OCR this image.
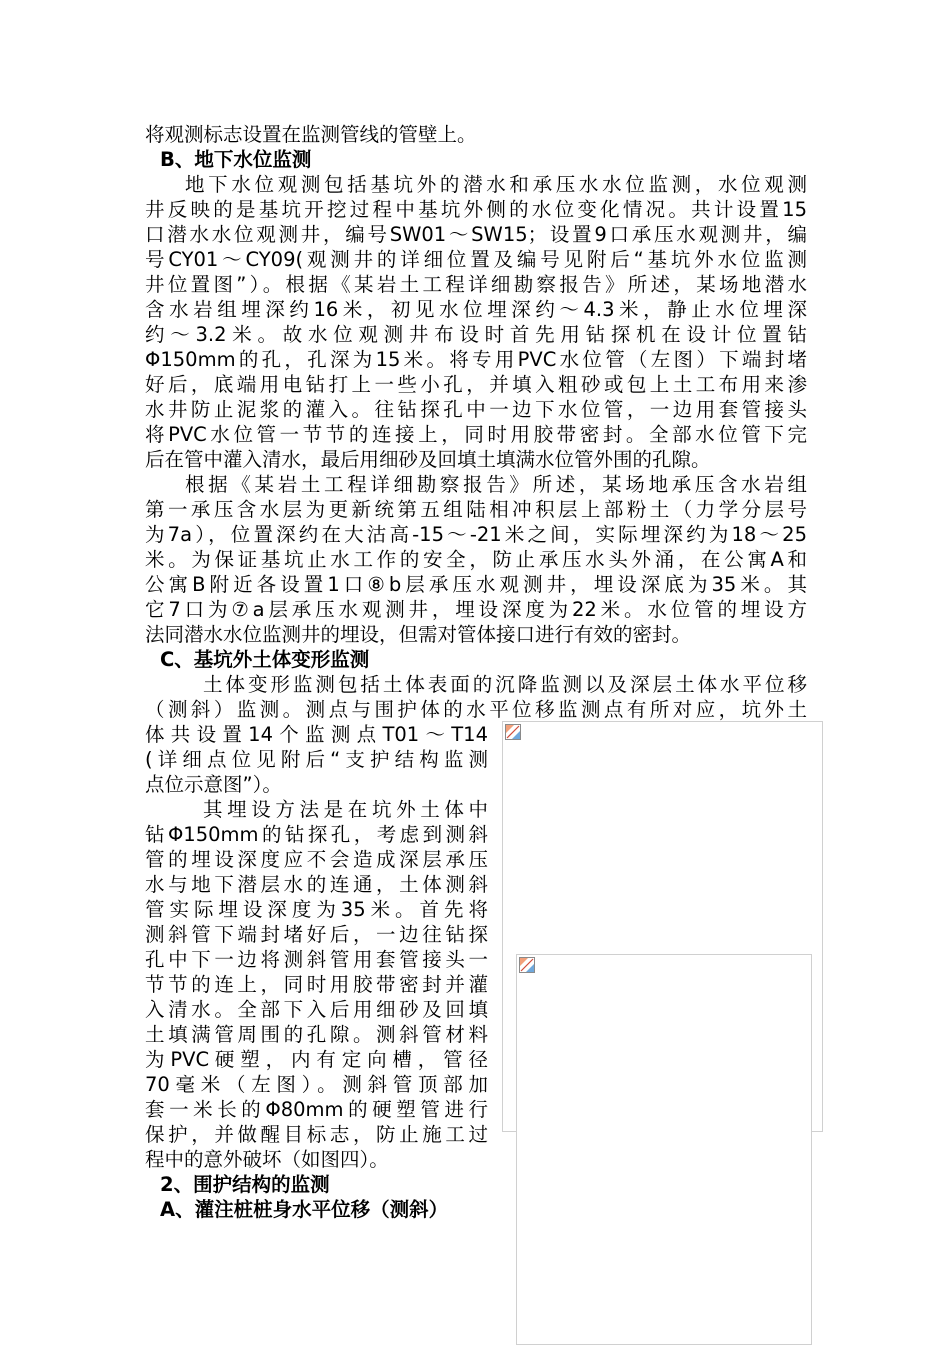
将观测标志设置在监测管线的管壁上。
B、地下水位监测
地下水位观测包括基坑外的潜水和承压水水位监测，水位观测
井反映的是基坑开挖过程中基坑外侧的水位变化情况。共计设置15
口潜水水位观测井，编号SW01～SW15；设置9口承压水观测井，编
号CY01～CY09(观测井的详细位置及编号见附后“基坑外水位监测
井位置图”）。根据《某岩土工程详细勘察报告》所述，某场地潜水
含水岩组埋深约16米，初见水位埋深约～4.3米，静止水位埋深
约～3.2米。故水位观测井布设时首先用钻探机在设计位置钻
Φ150mm的孔，孔深为15米。将专用PVC水位管（左图）下端封堵
好后，底端用电钻打上一些小孔，并填入粗砂或包上土工布用来渗
水井防止泥浆的灌入。往钻探孔中一边下水位管，一边用套管接头
将PVC水位管一节节的连接上，同时用胶带密封。全部水位管下完
后在管中灌入清水，最后用细砂及回填土填满水位管外围的孔隙。
根据《某岩土工程详细勘察报告》所述，某场地承压含水岩组
第一承压含水层为更新统第五组陆相冲积层上部粉土（力学分层号
为7a），位置深约在大沽高-15～-21米之间，实际埋深约为18～25
米。为保证基坑止水工作的安全，防止承压水头外涌，在公寓A和
公寓B附近各设置1口⑧b层承压水观测井，埋设深底为35米。其
它7口为⑦a层承压水观测井，埋设深度为22米。水位管的埋设方
法同潜水水位监测井的埋设，但需对管体接口进行有效的密封。
C、基坑外土体变形监测
土体变形监测包括土体表面的沉降监测以及深层土体水平位移
（测斜）监测。测点与围护体的水平位移监测点有所对应，坑外土
体共设置14个监测点T01～T14
(详细点位见附后“支护结构监测
点位示意图”）。
其埋设方法是在坑外土体中
钻Φ150mm的钻探孔，考虑到测斜
管的埋设深度应不会造成深层承压
水与地下潜层水的连通，土体测斜
管实际埋设深度为35米。首先将
测斜管下端封堵好后，一边往钻探
孔中下一边将测斜管用套管接头一
节节的连上，同时用胶带密封并灌
入清水。全部下入后用细砂及回填
土填满管周围的孔隙。测斜管材料
为PVC硬塑，内有定向槽，管径
70毫米（左图）。测斜管顶部加
套一米长的Φ80mm的硬塑管进行
保护，并做醒目标志，防止施工过
程中的意外破坏（如图四）。
2、围护结构的监测
A、灌注桩桩身水平位移（测斜）
